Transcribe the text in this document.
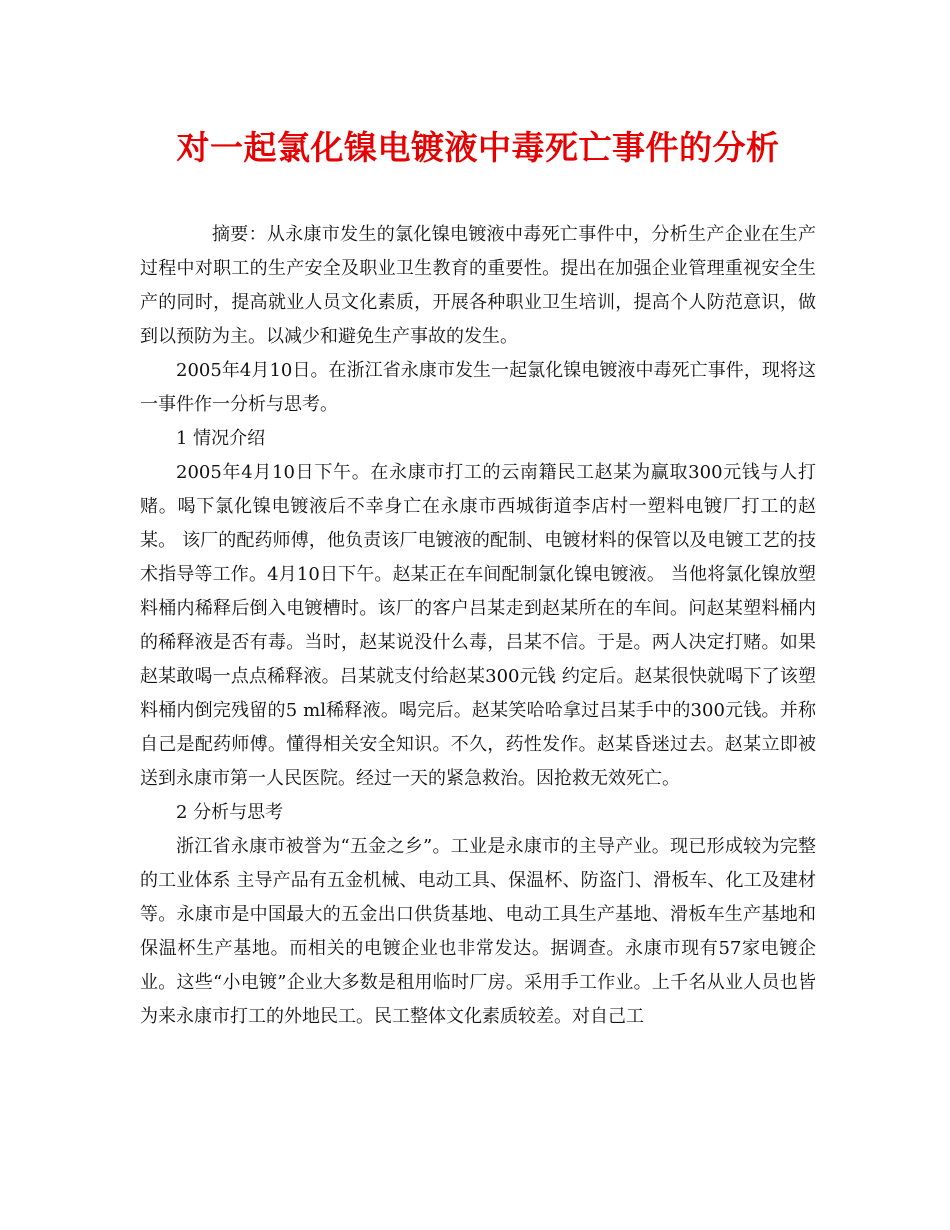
对一起氯化镍电镀液中毒死亡事件的分析

摘要：从永康市发生的氯化镍电镀液中毒死亡事件中，分析生产企业在生产过程中对职工的生产安全及职业卫生教育的重要性。提出在加强企业管理重视安全生产的同时，提高就业人员文化素质，开展各种职业卫生培训，提高个人防范意识，做到以预防为主。以减少和避免生产事故的发生。

2005年4月10日。在浙江省永康市发生一起氯化镍电镀液中毒死亡事件，现将这一事件作一分析与思考。

1 情况介绍

2005年4月10日下午。在永康市打工的云南籍民工赵某为赢取300元钱与人打赌。喝下氯化镍电镀液后不幸身亡在永康市西城街道李店村一塑料电镀厂打工的赵某。 该厂的配药师傅，他负责该厂电镀液的配制、电镀材料的保管以及电镀工艺的技术指导等工作。4月10日下午。赵某正在车间配制氯化镍电镀液。 当他将氯化镍放塑料桶内稀释后倒入电镀槽时。该厂的客户吕某走到赵某所在的车间。问赵某塑料桶内的稀释液是否有毒。当时，赵某说没什么毒，吕某不信。于是。两人决定打赌。如果赵某敢喝一点点稀释液。吕某就支付给赵某300元钱 约定后。赵某很快就喝下了该塑料桶内倒完残留的5 ml稀释液。喝完后。赵某笑哈哈拿过吕某手中的300元钱。并称自己是配药师傅。懂得相关安全知识。不久，药性发作。赵某昏迷过去。赵某立即被送到永康市第一人民医院。经过一天的紧急救治。因抢救无效死亡。

2 分析与思考

浙江省永康市被誉为“五金之乡”。工业是永康市的主导产业。现已形成较为完整的工业体系 主导产品有五金机械、电动工具、保温杯、防盗门、滑板车、化工及建材等。永康市是中国最大的五金出口供货基地、电动工具生产基地、滑板车生产基地和保温杯生产基地。而相关的电镀企业也非常发达。据调查。永康市现有57家电镀企业。这些“小电镀”企业大多数是租用临时厂房。采用手工作业。上千名从业人员也皆为来永康市打工的外地民工。民工整体文化素质较差。对自己工
